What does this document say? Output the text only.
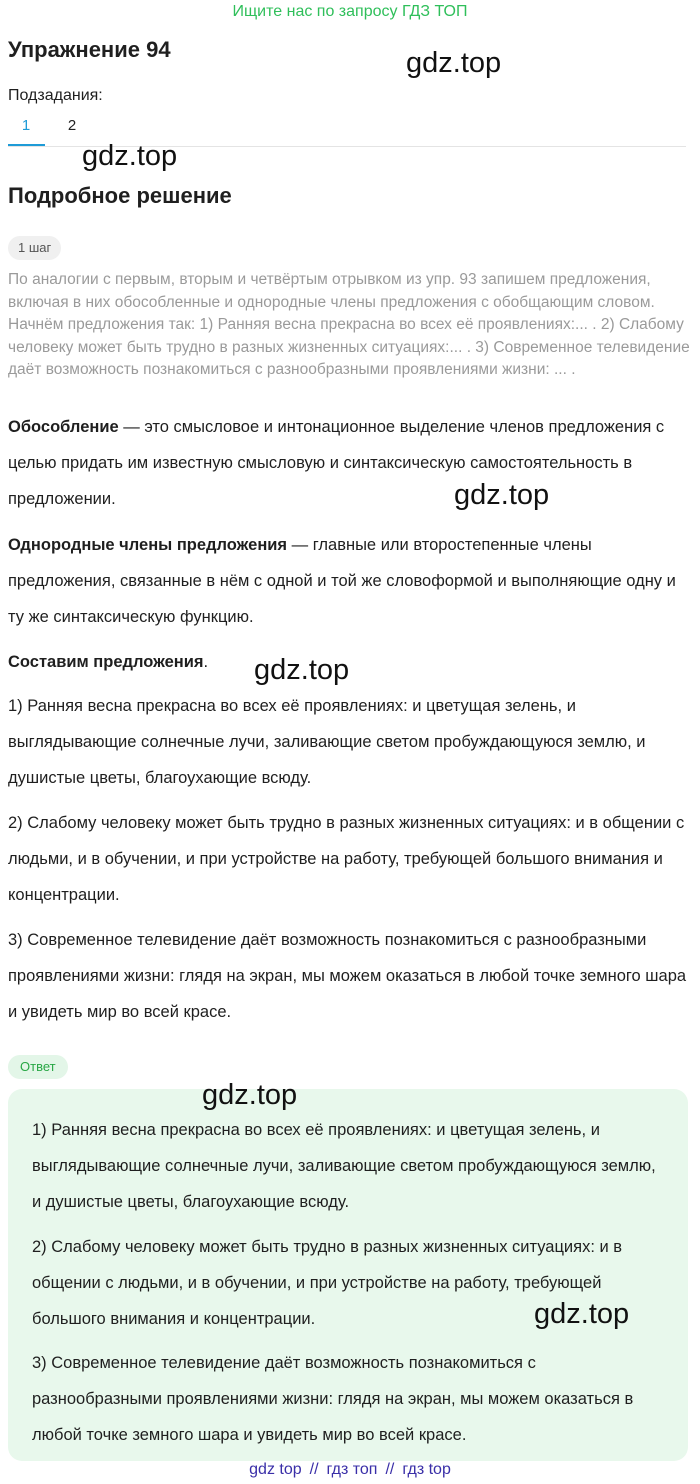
Ищите нас по запросу ГДЗ ТОП
Упражнение 94	gdz.top
Подзадания:
1	2
gdz.top
Подробное решение
1 шаг
По аналогии с первым, вторым и четвёртым отрывком из упр. 93 запишем предложения, включая в них обособленные и однородные члены предложения с обобщающим словом. Начнём предложения так: 1) Ранняя весна прекрасна во всех её проявлениях:... . 2) Слабому человеку может быть трудно в разных жизненных ситуациях:... . 3) Современное телевидение даёт возможность познакомиться с разнообразными проявлениями жизни: ... .
Обособление — это смысловое и интонационное выделение членов предложения с целью придать им известную смысловую и синтаксическую самостоятельность в предложении.	gdz.top
Однородные члены предложения — главные или второстепенные члены предложения, связанные в нём с одной и той же словоформой и выполняющие одну и ту же синтаксическую функцию.
Составим предложения.	gdz.top
1) Ранняя весна прекрасна во всех её проявлениях: и цветущая зелень, и выглядывающие солнечные лучи, заливающие светом пробуждающуюся землю, и душистые цветы, благоухающие всюду.
2) Слабому человеку может быть трудно в разных жизненных ситуациях: и в общении с людьми, и в обучении, и при устройстве на работу, требующей большого внимания и концентрации.
3) Современное телевидение даёт возможность познакомиться с разнообразными проявлениями жизни: глядя на экран, мы можем оказаться в любой точке земного шара и увидеть мир во всей красе.
Ответ
gdz.top
1) Ранняя весна прекрасна во всех её проявлениях: и цветущая зелень, и выглядывающие солнечные лучи, заливающие светом пробуждающуюся землю, и душистые цветы, благоухающие всюду.
2) Слабому человеку может быть трудно в разных жизненных ситуациях: и в общении с людьми, и в обучении, и при устройстве на работу, требующей большого внимания и концентрации.	gdz.top
3) Современное телевидение даёт возможность познакомиться с разнообразными проявлениями жизни: глядя на экран, мы можем оказаться в любой точке земного шара и увидеть мир во всей красе.
gdz top // гдз топ // гдз top
